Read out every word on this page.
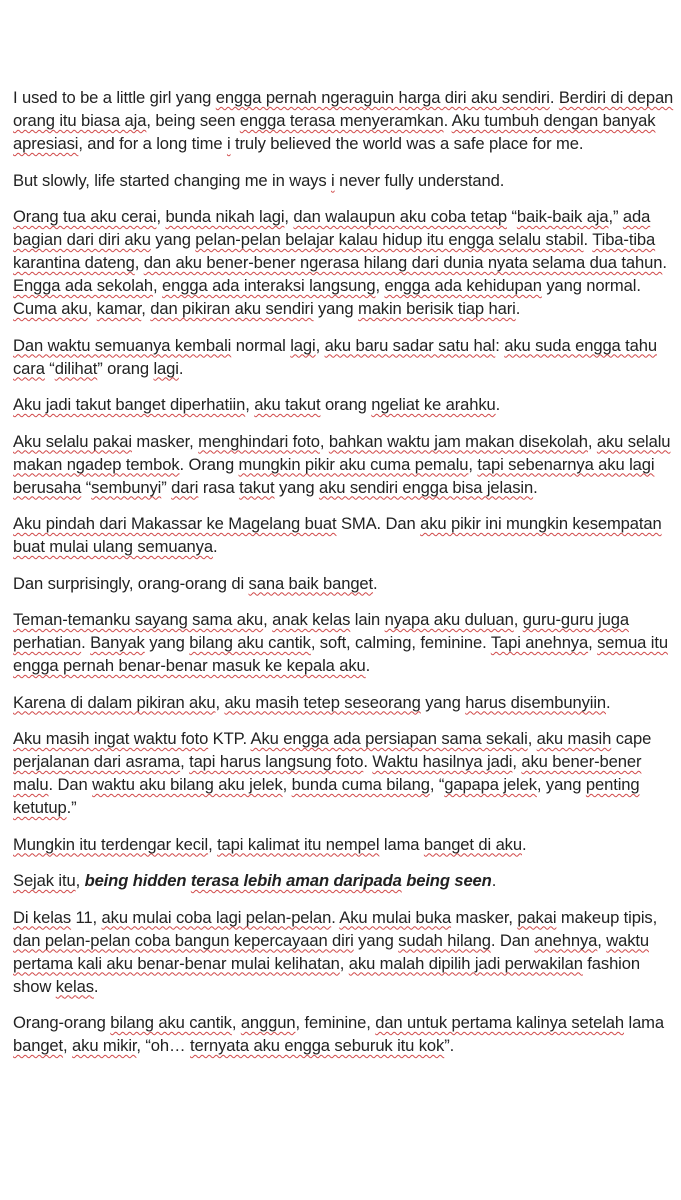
I used to be a little girl yang engga pernah ngeraguin harga diri aku sendiri. Berdiri di depan orang itu biasa aja, being seen engga terasa menyeramkan. Aku tumbuh dengan banyak apresiasi, and for a long time i truly believed the world was a safe place for me.

But slowly, life started changing me in ways i never fully understand.

Orang tua aku cerai, bunda nikah lagi, dan walaupun aku coba tetap “baik-baik aja,” ada bagian dari diri aku yang pelan-pelan belajar kalau hidup itu engga selalu stabil. Tiba-tiba karantina dateng, dan aku bener-bener ngerasa hilang dari dunia nyata selama dua tahun. Engga ada sekolah, engga ada interaksi langsung, engga ada kehidupan yang normal. Cuma aku, kamar, dan pikiran aku sendiri yang makin berisik tiap hari.

Dan waktu semuanya kembali normal lagi, aku baru sadar satu hal: aku suda engga tahu cara “dilihat” orang lagi.

Aku jadi takut banget diperhatiin, aku takut orang ngeliat ke arahku.

Aku selalu pakai masker, menghindari foto, bahkan waktu jam makan disekolah, aku selalu makan ngadep tembok. Orang mungkin pikir aku cuma pemalu, tapi sebenarnya aku lagi berusaha “sembunyi” dari rasa takut yang aku sendiri engga bisa jelasin.

Aku pindah dari Makassar ke Magelang buat SMA. Dan aku pikir ini mungkin kesempatan buat mulai ulang semuanya.

Dan surprisingly, orang-orang di sana baik banget.

Teman-temanku sayang sama aku, anak kelas lain nyapa aku duluan, guru-guru juga perhatian. Banyak yang bilang aku cantik, soft, calming, feminine. Tapi anehnya, semua itu engga pernah benar-benar masuk ke kepala aku.

Karena di dalam pikiran aku, aku masih tetep seseorang yang harus disembunyiin.

Aku masih ingat waktu foto KTP. Aku engga ada persiapan sama sekali, aku masih cape perjalanan dari asrama, tapi harus langsung foto. Waktu hasilnya jadi, aku bener-bener malu. Dan waktu aku bilang aku jelek, bunda cuma bilang, “gapapa jelek, yang penting ketutup.”

Mungkin itu terdengar kecil, tapi kalimat itu nempel lama banget di aku.

Sejak itu, being hidden terasa lebih aman daripada being seen.

Di kelas 11, aku mulai coba lagi pelan-pelan. Aku mulai buka masker, pakai makeup tipis, dan pelan-pelan coba bangun kepercayaan diri yang sudah hilang. Dan anehnya, waktu pertama kali aku benar-benar mulai kelihatan, aku malah dipilih jadi perwakilan fashion show kelas.

Orang-orang bilang aku cantik, anggun, feminine, dan untuk pertama kalinya setelah lama banget, aku mikir, “oh… ternyata aku engga seburuk itu kok”.
